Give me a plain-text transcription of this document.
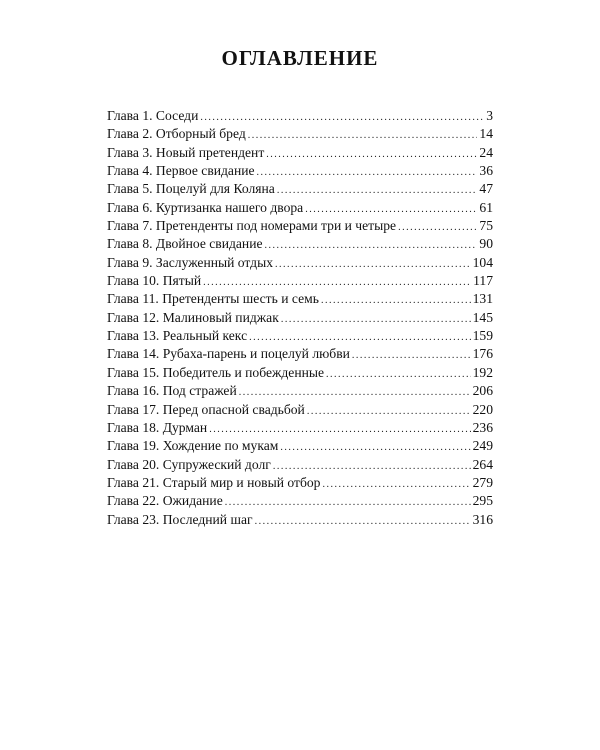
ОГЛАВЛЕНИЕ
Глава 1. Соседи .....	3
Глава 2. Отборный бред .....	14
Глава 3. Новый претендент .....	24
Глава 4. Первое свидание .....	36
Глава 5. Поцелуй для Коляна .....	47
Глава 6. Куртизанка нашего двора .....	61
Глава 7. Претенденты под номерами три и четыре .....	75
Глава 8. Двойное свидание .....	90
Глава 9. Заслуженный отдых .....	104
Глава 10. Пятый .....	117
Глава 11. Претенденты шесть и семь .....	131
Глава 12. Малиновый пиджак .....	145
Глава 13. Реальный кекс .....	159
Глава 14. Рубаха-парень и поцелуй любви .....	176
Глава 15. Победитель и побежденные .....	192
Глава 16. Под стражей .....	206
Глава 17. Перед опасной свадьбой .....	220
Глава 18. Дурман .....	236
Глава 19. Хождение по мукам .....	249
Глава 20. Супружеский долг .....	264
Глава 21. Старый мир и новый отбор .....	279
Глава 22. Ожидание .....	295
Глава 23. Последний шаг .....	316
